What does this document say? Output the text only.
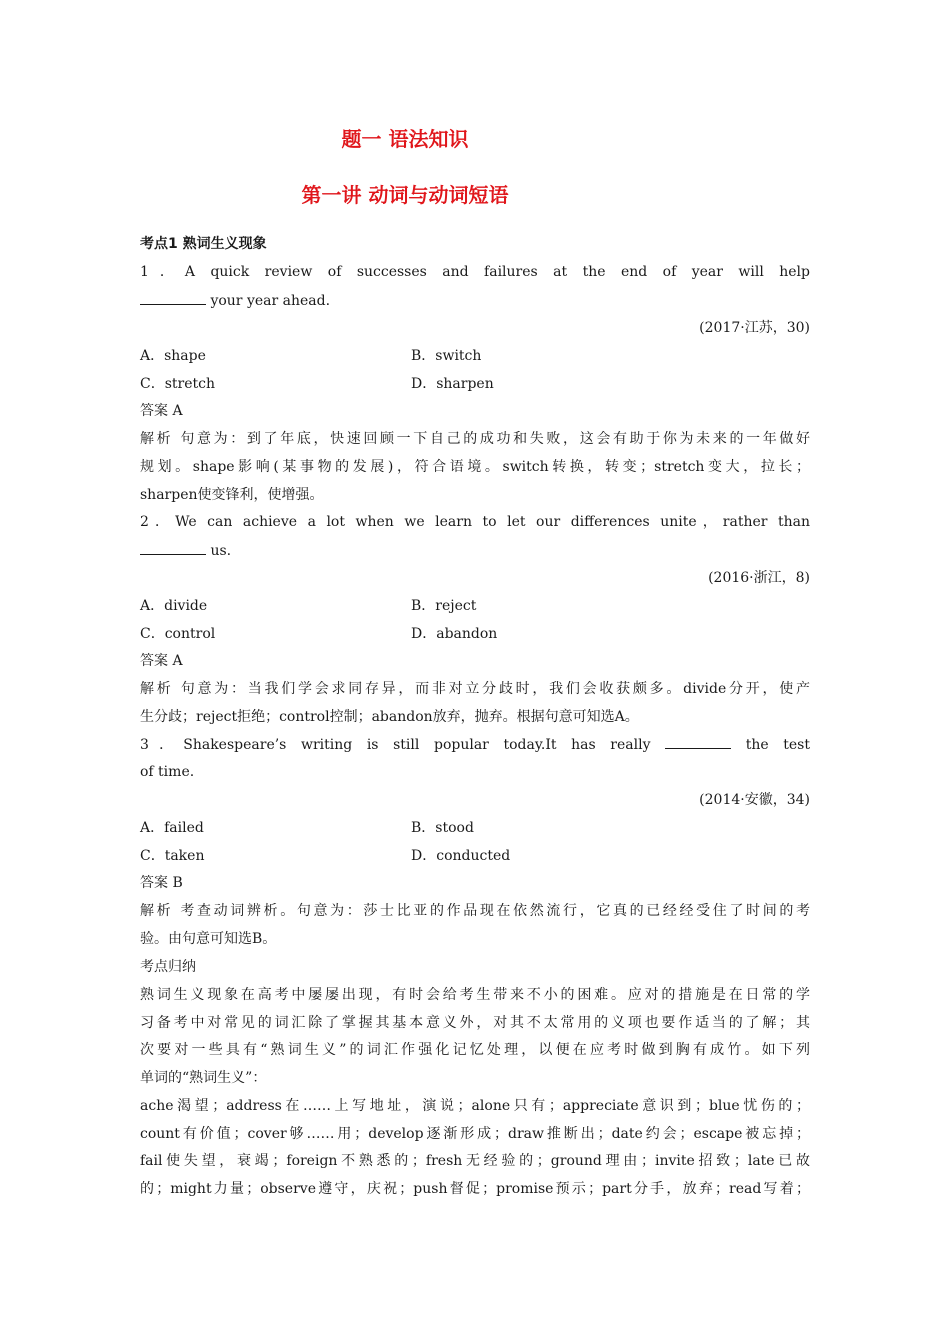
题一 语法知识
第一讲 动词与动词短语
考点1 熟词生义现象
1．A quick review of successes and failures at the end of year will help
your year ahead.
(2017·江苏，30)
A．shape	B．switch
C．stretch	D．sharpen
答案 A
解析 句意为：到了年底，快速回顾一下自己的成功和失败，这会有助于你为未来的一年做好
规划。shape影响(某事物的发展)，符合语境。switch转换，转变；stretch变大，拉长；
sharpen使变锋利，使增强。
2．We can achieve a lot when we learn to let our differences unite，rather than
us.
(2016·浙江，8)
A．divide	B．reject
C．control	D．abandon
答案 A
解析 句意为：当我们学会求同存异，而非对立分歧时，我们会收获颇多。divide分开，使产
生分歧；reject拒绝；control控制；abandon放弃，抛弃。根据句意可知选A。
3．Shakespeare’s writing is still popular today.It has really	the test
of time.
(2014·安徽，34)
A．failed	B．stood
C．taken	D．conducted
答案 B
解析 考查动词辨析。句意为：莎士比亚的作品现在依然流行，它真的已经经受住了时间的考
验。由句意可知选B。
考点归纳
熟词生义现象在高考中屡屡出现，有时会给考生带来不小的困难。应对的措施是在日常的学
习备考中对常见的词汇除了掌握其基本意义外，对其不太常用的义项也要作适当的了解；其
次要对一些具有“熟词生义”的词汇作强化记忆处理，以便在应考时做到胸有成竹。如下列
单词的“熟词生义”：
ache渴望；address在……上写地址，演说；alone只有；appreciate意识到；blue忧伤的；
count有价值；cover够……用；develop逐渐形成；draw推断出；date约会；escape被忘掉；
fail使失望，衰竭；foreign不熟悉的；fresh无经验的；ground理由；invite招致；late已故
的；might力量；observe遵守，庆祝；push督促；promise预示；part分手，放弃；read写着；
